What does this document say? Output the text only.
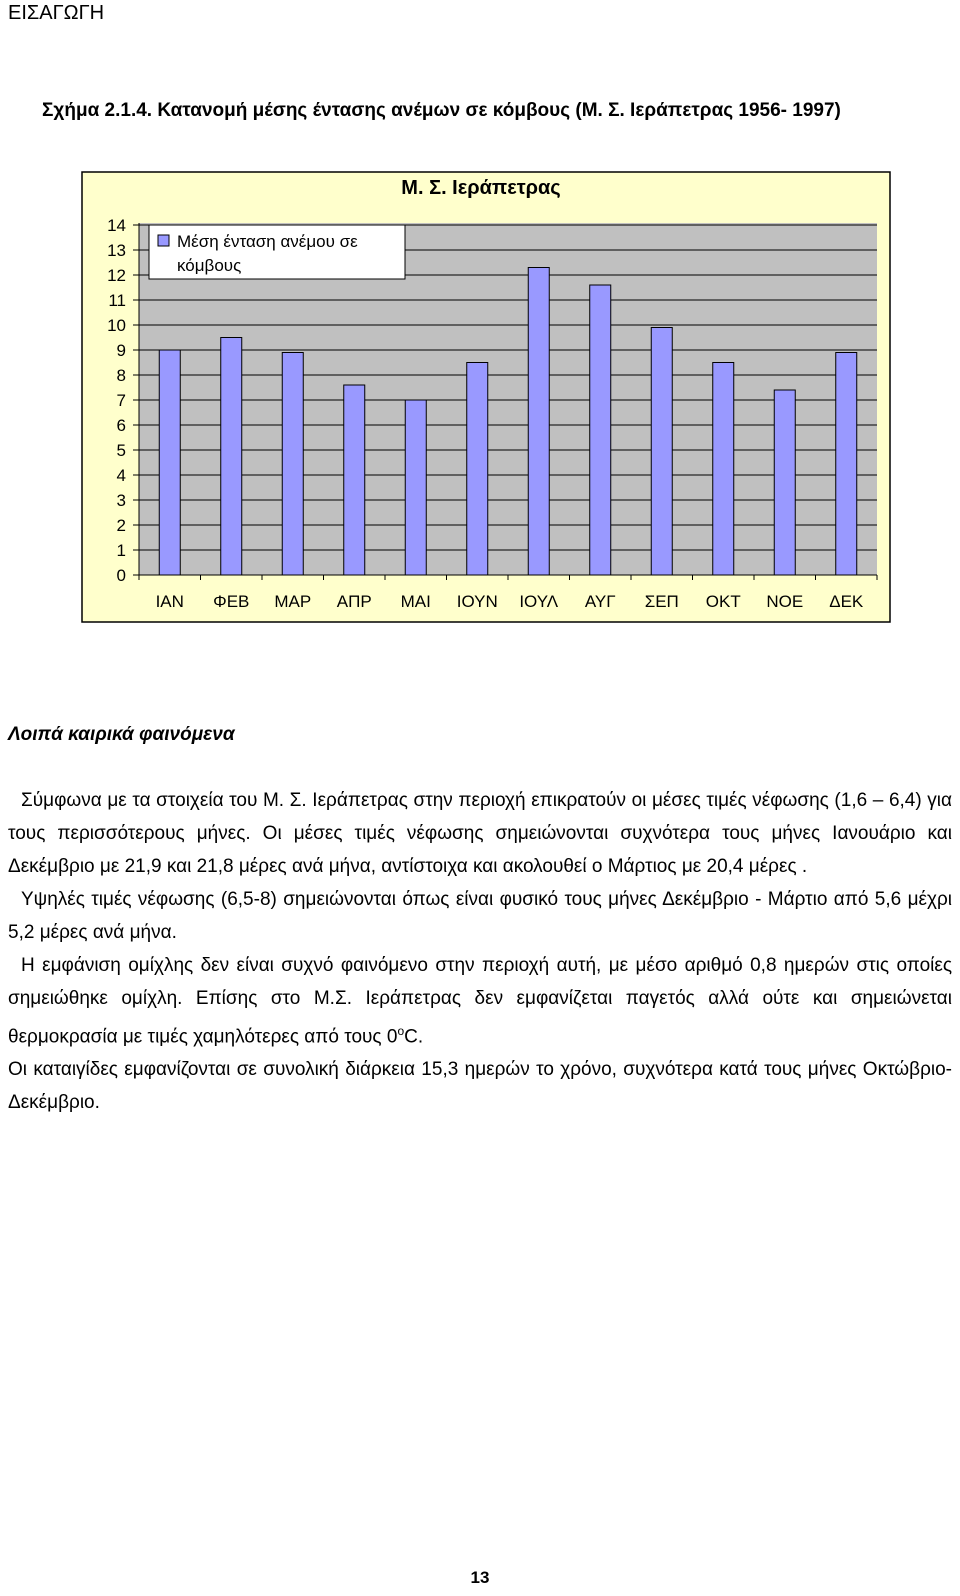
ΕΙΣΑΓΩΓΗ
Σχήμα 2.1.4. Κατανομή μέσης έντασης ανέμων σε κόμβους (Μ. Σ. Ιεράπετρας 1956- 1997)
0
1
2
3
4
5
6
7
8
9
10
11
12
13
14
ΙΑΝ ΦΕΒ ΜΑΡ ΑΠΡ ΜΑΙ ΙΟΥΝ ΙΟΥΛ ΑΥΓ ΣΕΠ ΟΚΤ ΝΟΕ ΔΕΚ
Μ. Σ. Ιεράπετρας
Μέση ένταση ανέμου σε
κόμβους
Λοιπά καιρικά φαινόμενα

Σύμφωνα με τα στοιχεία του Μ. Σ. Ιεράπετρας στην περιοχή επικρατούν οι μέσες τιμές νέφωσης (1,6 – 6,4) για τους περισσότερους μήνες. Οι μέσες τιμές νέφωσης σημειώνονται συχνότερα τους μήνες Ιανουάριο και Δεκέμβριο με 21,9 και 21,8 μέρες ανά μήνα, αντίστοιχα και ακολουθεί ο Μάρτιος με 20,4 μέρες .

Υψηλές τιμές νέφωσης (6,5-8) σημειώνονται όπως είναι φυσικό τους μήνες Δεκέμβριο - Μάρτιο από 5,6 μέχρι 5,2 μέρες ανά μήνα.

Η εμφάνιση ομίχλης δεν είναι συχνό φαινόμενο στην περιοχή αυτή, με μέσο αριθμό 0,8 ημερών στις οποίες σημειώθηκε ομίχλη. Επίσης στο Μ.Σ. Ιεράπετρας δεν εμφανίζεται παγετός αλλά ούτε και σημειώνεται θερμοκρασία με τιμές χαμηλότερες από τους 0$^o$C.

Οι καταιγίδες εμφανίζονται σε συνολική διάρκεια 15,3 ημερών το χρόνο, συχνότερα κατά τους μήνες Οκτώβριο-Δεκέμβριο.

13
